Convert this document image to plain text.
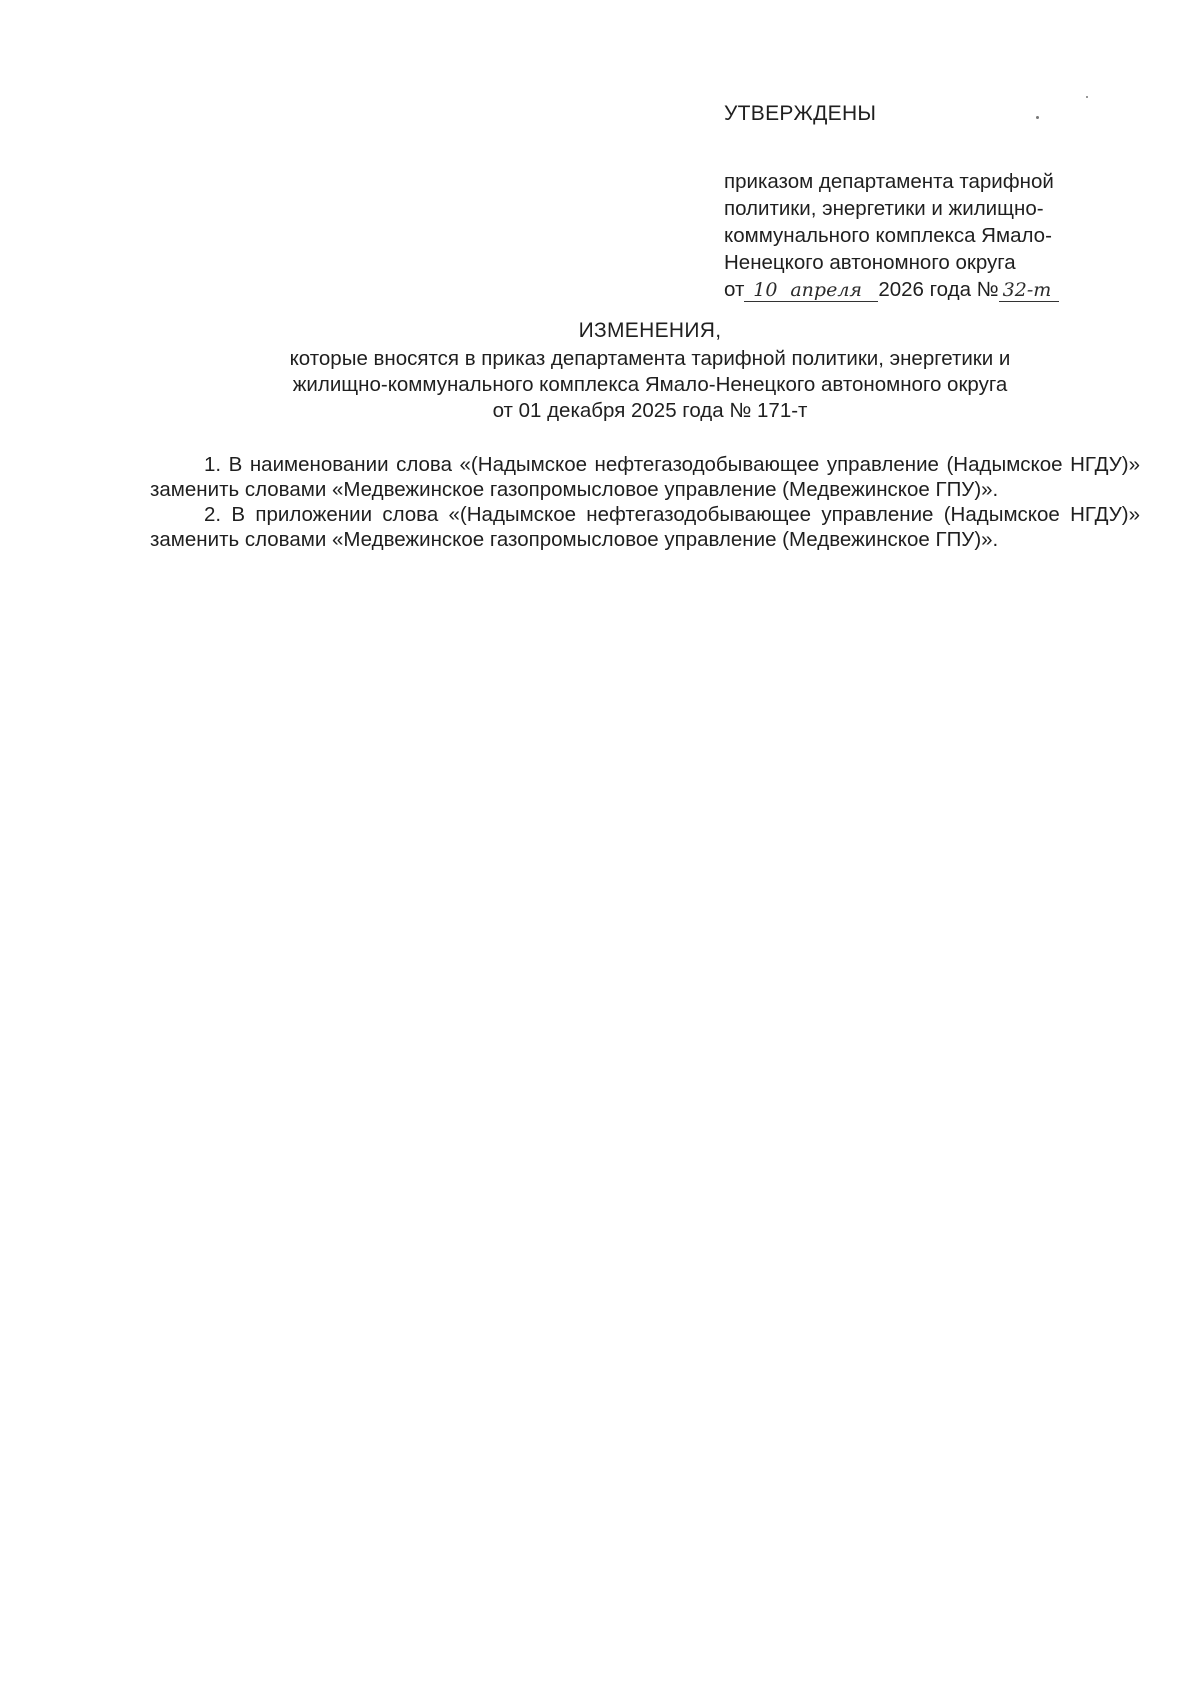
УТВЕРЖДЕНЫ
приказом департамента тарифной
политики, энергетики и жилищно-
коммунального комплекса Ямало-
Ненецкого автономного округа
от 10 апреля 2026 года № 32-т
ИЗМЕНЕНИЯ,
которые вносятся в приказ департамента тарифной политики, энергетики и
жилищно-коммунального комплекса Ямало-Ненецкого автономного округа
от 01 декабря 2025 года № 171-т

1. В наименовании слова «(Надымское нефтегазодобывающее управление (Надымское НГДУ)» заменить словами «Медвежинское газопромысловое управление (Медвежинское ГПУ)».

2. В приложении слова «(Надымское нефтегазодобывающее управление (Надымское НГДУ)» заменить словами «Медвежинское газопромысловое управление (Медвежинское ГПУ)».
